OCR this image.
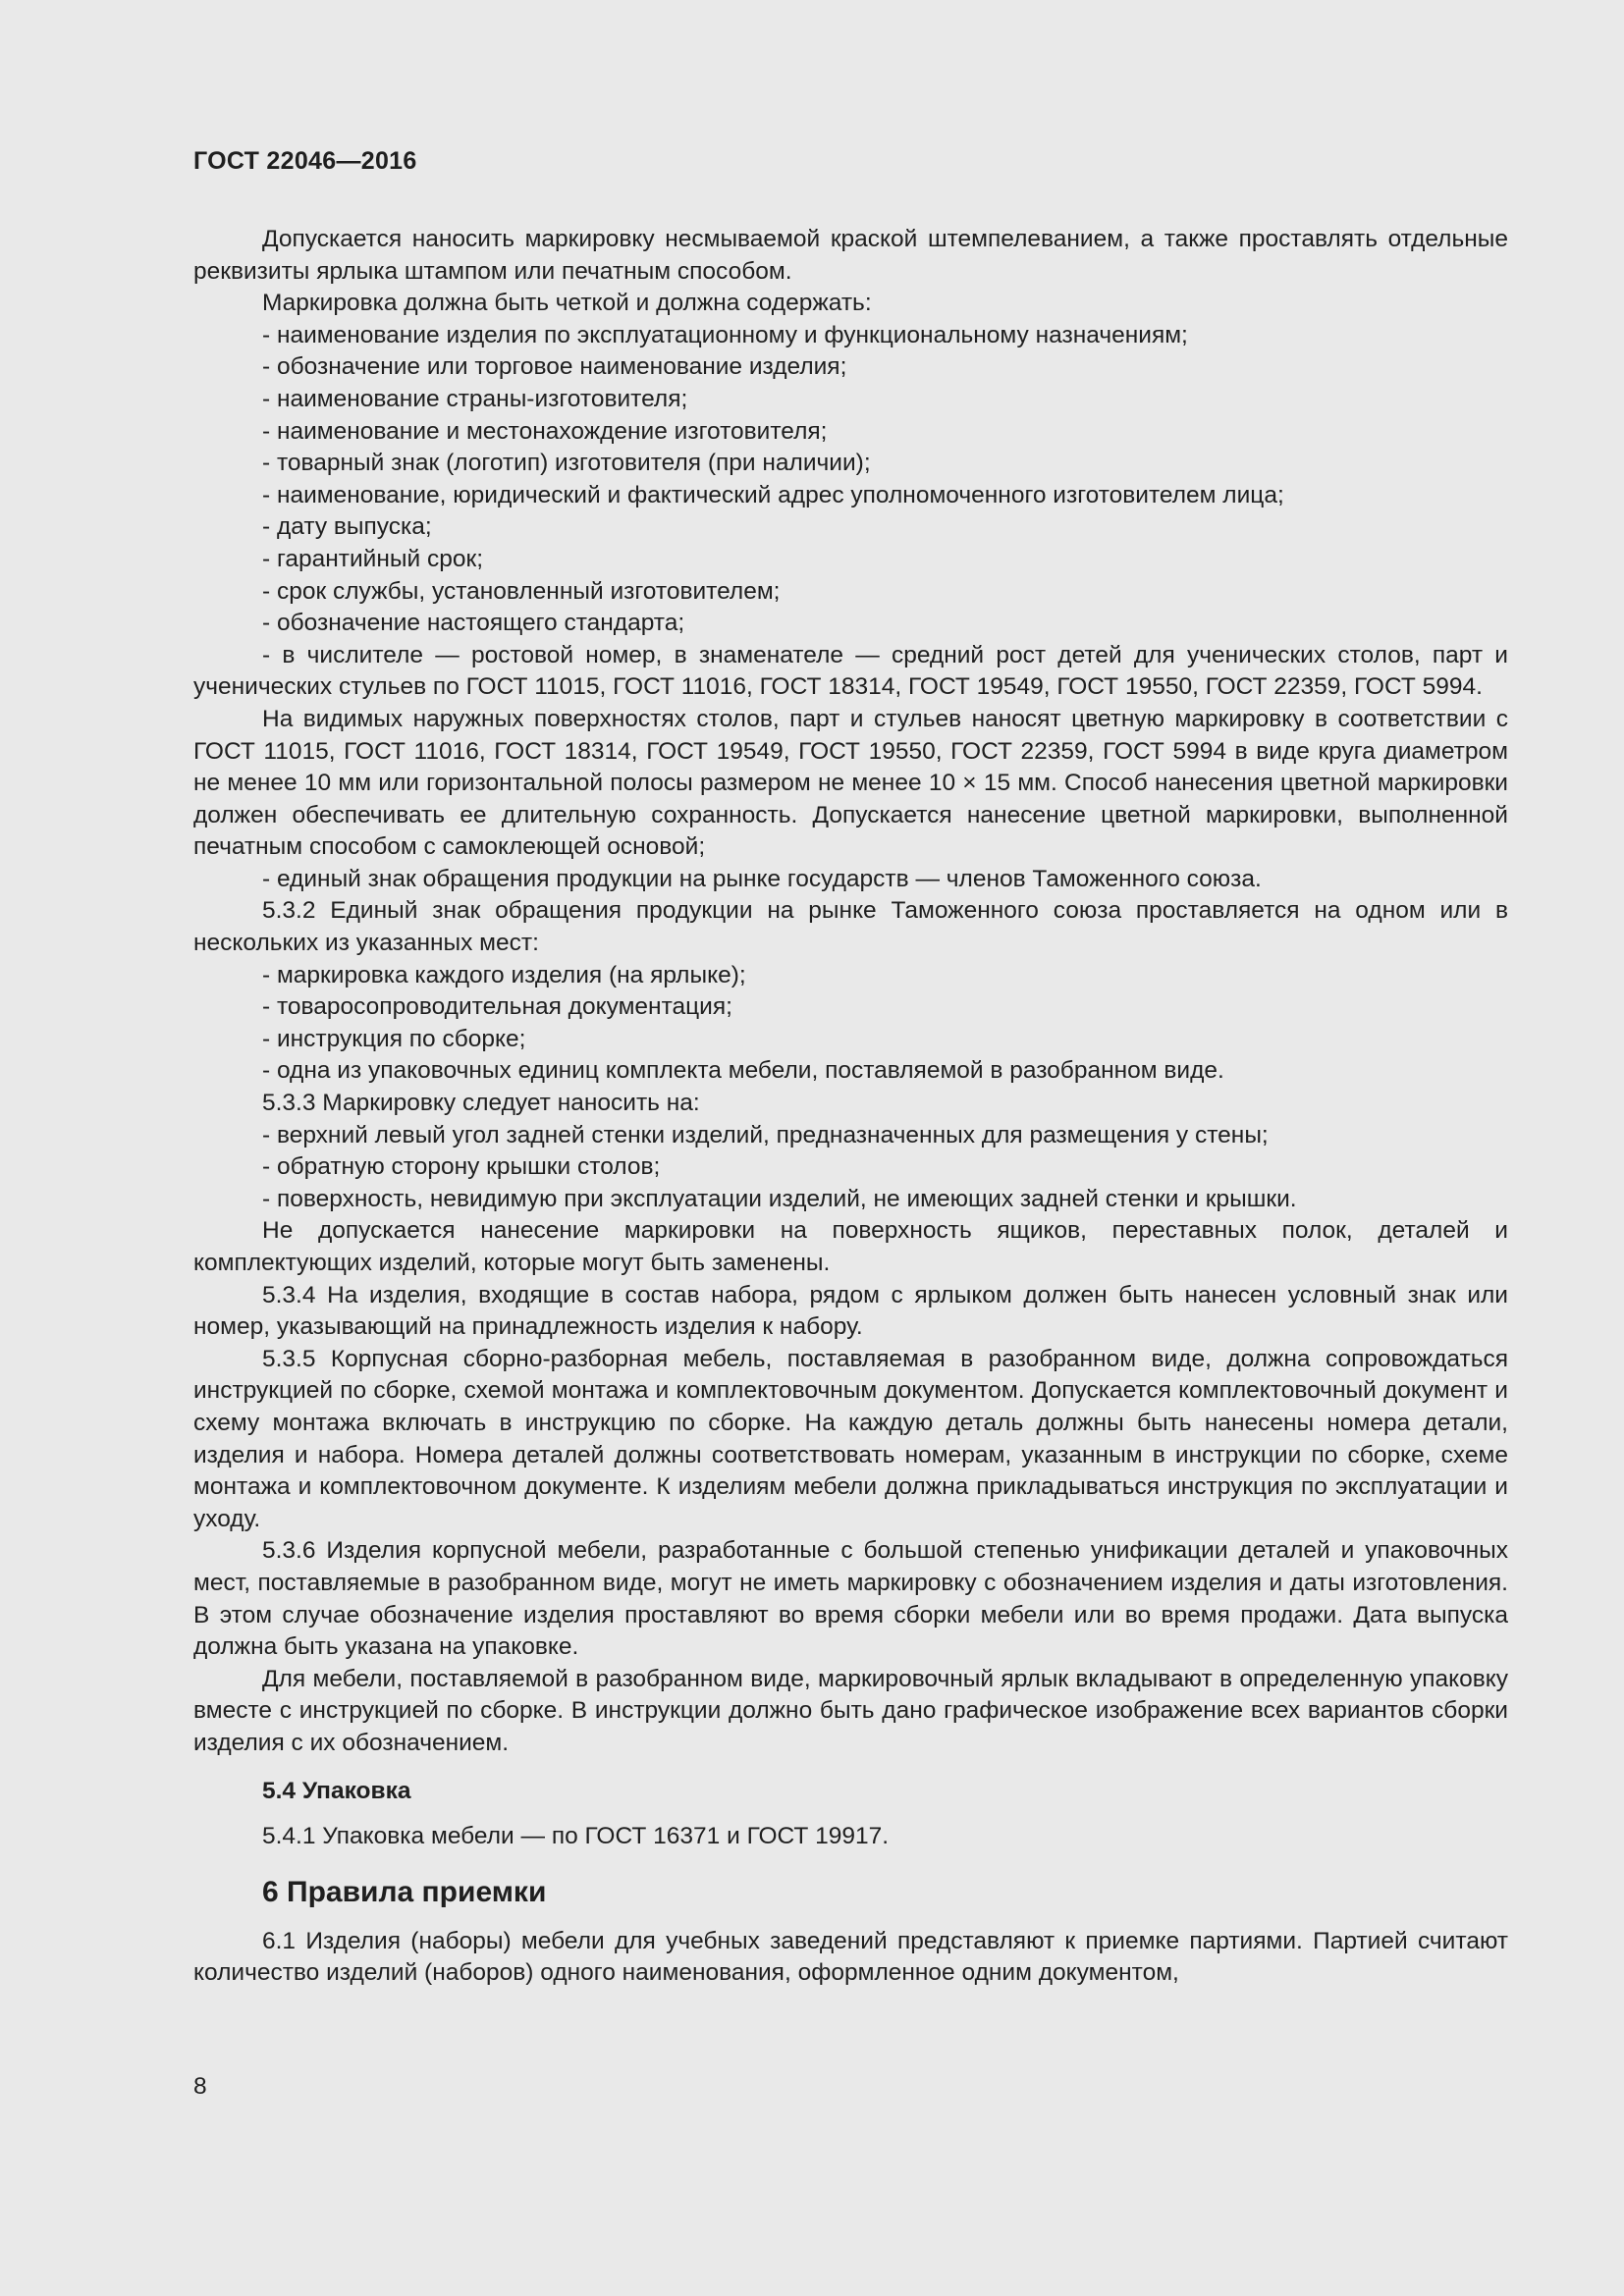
ГОСТ 22046—2016

Допускается наносить маркировку несмываемой краской штемпелеванием, а также проставлять отдельные реквизиты ярлыка штампом или печатным способом.

Маркировка должна быть четкой и должна содержать:

- наименование изделия по эксплуатационному и функциональному назначениям;

- обозначение или торговое наименование изделия;

- наименование страны-изготовителя;

- наименование и местонахождение изготовителя;

- товарный знак (логотип) изготовителя (при наличии);

- наименование, юридический и фактический адрес уполномоченного изготовителем лица;

- дату выпуска;

- гарантийный срок;

- срок службы, установленный изготовителем;

- обозначение настоящего стандарта;

- в числителе — ростовой номер, в знаменателе — средний рост детей для ученических столов, парт и ученических стульев по ГОСТ 11015, ГОСТ 11016, ГОСТ 18314, ГОСТ 19549, ГОСТ 19550, ГОСТ 22359, ГОСТ 5994.

На видимых наружных поверхностях столов, парт и стульев наносят цветную маркировку в соответствии с ГОСТ 11015, ГОСТ 11016, ГОСТ 18314, ГОСТ 19549, ГОСТ 19550, ГОСТ 22359, ГОСТ 5994 в виде круга диаметром не менее 10 мм или горизонтальной полосы размером не менее 10 × 15 мм. Способ нанесения цветной маркировки должен обеспечивать ее длительную сохранность. Допускается нанесение цветной маркировки, выполненной печатным способом с самоклеющей основой;

- единый знак обращения продукции на рынке государств — членов Таможенного союза.

5.3.2 Единый знак обращения продукции на рынке Таможенного союза проставляется на одном или в нескольких из указанных мест:

- маркировка каждого изделия (на ярлыке);

- товаросопроводительная документация;

- инструкция по сборке;

- одна из упаковочных единиц комплекта мебели, поставляемой в разобранном виде.

5.3.3 Маркировку следует наносить на:

- верхний левый угол задней стенки изделий, предназначенных для размещения у стены;

- обратную сторону крышки столов;

- поверхность, невидимую при эксплуатации изделий, не имеющих задней стенки и крышки.

Не допускается нанесение маркировки на поверхность ящиков, переставных полок, деталей и комплектующих изделий, которые могут быть заменены.

5.3.4 На изделия, входящие в состав набора, рядом с ярлыком должен быть нанесен условный знак или номер, указывающий на принадлежность изделия к набору.

5.3.5 Корпусная сборно-разборная мебель, поставляемая в разобранном виде, должна сопровождаться инструкцией по сборке, схемой монтажа и комплектовочным документом. Допускается комплектовочный документ и схему монтажа включать в инструкцию по сборке. На каждую деталь должны быть нанесены номера детали, изделия и набора. Номера деталей должны соответствовать номерам, указанным в инструкции по сборке, схеме монтажа и комплектовочном документе. К изделиям мебели должна прикладываться инструкция по эксплуатации и уходу.

5.3.6 Изделия корпусной мебели, разработанные с большой степенью унификации деталей и упаковочных мест, поставляемые в разобранном виде, могут не иметь маркировку с обозначением изделия и даты изготовления. В этом случае обозначение изделия проставляют во время сборки мебели или во время продажи. Дата выпуска должна быть указана на упаковке.

Для мебели, поставляемой в разобранном виде, маркировочный ярлык вкладывают в определенную упаковку вместе с инструкцией по сборке. В инструкции должно быть дано графическое изображение всех вариантов сборки изделия с их обозначением.

5.4 Упаковка

5.4.1 Упаковка мебели — по ГОСТ 16371 и ГОСТ 19917.

6 Правила приемки

6.1 Изделия (наборы) мебели для учебных заведений представляют к приемке партиями. Партией считают количество изделий (наборов) одного наименования, оформленное одним документом,

8
